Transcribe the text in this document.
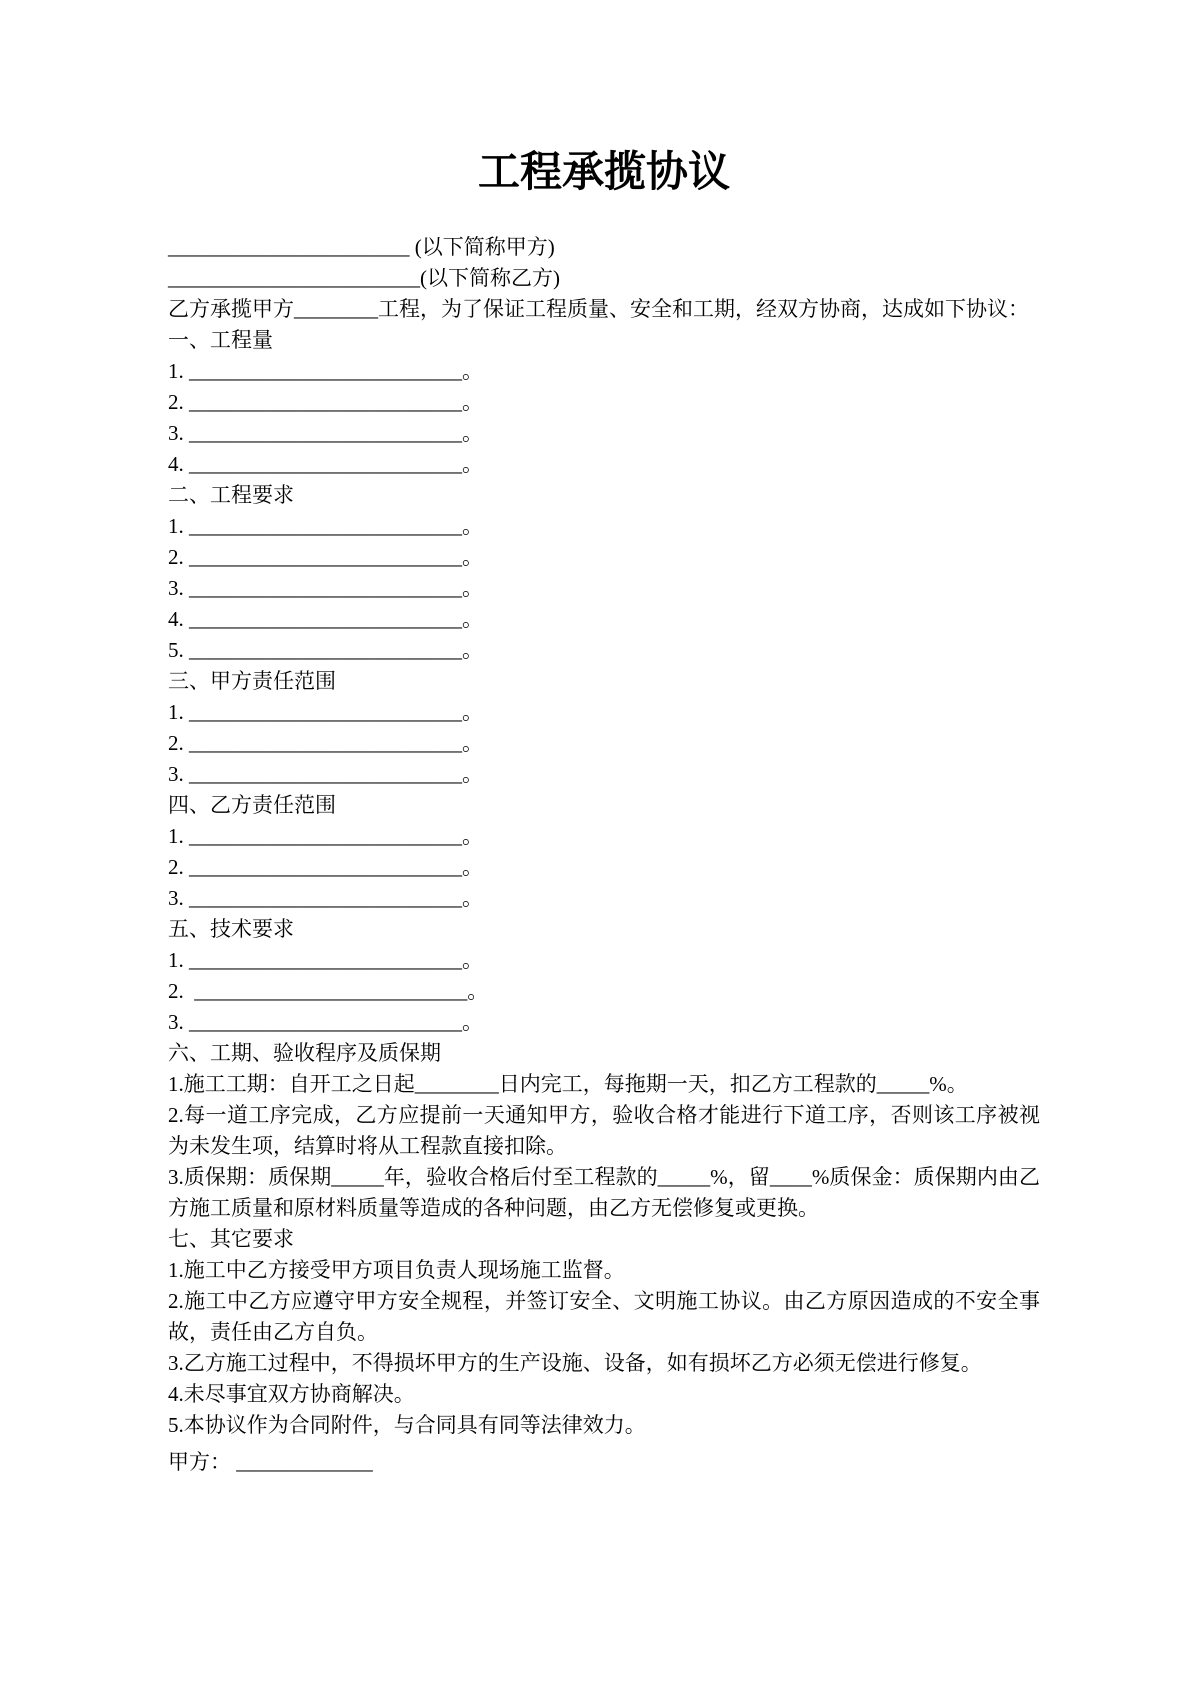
工程承揽协议

_______________________ (以下简称甲方)

________________________(以下简称乙方)

乙方承揽甲方________工程，为了保证工程质量、安全和工期，经双方协商，达成如下协议：

一、工程量

1. __________________________。

2. __________________________。

3. __________________________。

4. __________________________。

二、工程要求

1. __________________________。

2. __________________________。

3. __________________________。

4. __________________________。

5. __________________________。

三、甲方责任范围

1. __________________________。

2. __________________________。

3. __________________________。

四、乙方责任范围

1. __________________________。

2. __________________________。

3. __________________________。

五、技术要求

1. __________________________。

2.  __________________________。

3. __________________________。

六、工期、验收程序及质保期

1.施工工期：自开工之日起________日内完工，每拖期一天，扣乙方工程款的_____%。

2.每一道工序完成，乙方应提前一天通知甲方，验收合格才能进行下道工序，否则该工序被视为未发生项，结算时将从工程款直接扣除。

3.质保期：质保期_____年，验收合格后付至工程款的_____%，留____%质保金：质保期内由乙方施工质量和原材料质量等造成的各种问题，由乙方无偿修复或更换。

七、其它要求

1.施工中乙方接受甲方项目负责人现场施工监督。

2.施工中乙方应遵守甲方安全规程，并签订安全、文明施工协议。由乙方原因造成的不安全事故，责任由乙方自负。

3.乙方施工过程中，不得损坏甲方的生产设施、设备，如有损坏乙方必须无偿进行修复。

4.未尽事宜双方协商解决。

5.本协议作为合同附件，与合同具有同等法律效力。

甲方： _____________
